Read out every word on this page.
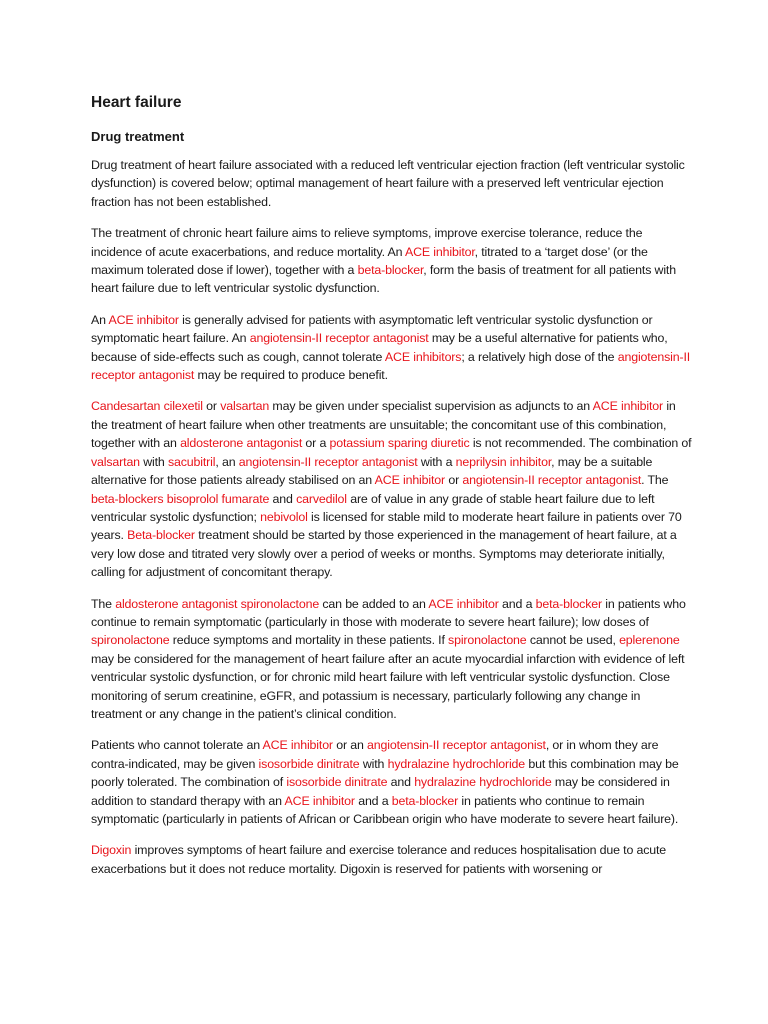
Heart failure
Drug treatment

Drug treatment of heart failure associated with a reduced left ventricular ejection fraction (left ventricular systolic dysfunction) is covered below; optimal management of heart failure with a preserved left ventricular ejection fraction has not been established.

The treatment of chronic heart failure aims to relieve symptoms, improve exercise tolerance, reduce the incidence of acute exacerbations, and reduce mortality. An ACE inhibitor, titrated to a ‘target dose’ (or the maximum tolerated dose if lower), together with a beta-blocker, form the basis of treatment for all patients with heart failure due to left ventricular systolic dysfunction.

An ACE inhibitor is generally advised for patients with asymptomatic left ventricular systolic dysfunction or symptomatic heart failure. An angiotensin-II receptor antagonist may be a useful alternative for patients who, because of side-effects such as cough, cannot tolerate ACE inhibitors; a relatively high dose of the angiotensin-II receptor antagonist may be required to produce benefit.

Candesartan cilexetil or valsartan may be given under specialist supervision as adjuncts to an ACE inhibitor in the treatment of heart failure when other treatments are unsuitable; the concomitant use of this combination, together with an aldosterone antagonist or a potassium sparing diuretic is not recommended. The combination of valsartan with sacubitril, an angiotensin-II receptor antagonist with a neprilysin inhibitor, may be a suitable alternative for those patients already stabilised on an ACE inhibitor or angiotensin-II receptor antagonist. The beta-blockers bisoprolol fumarate and carvedilol are of value in any grade of stable heart failure due to left ventricular systolic dysfunction; nebivolol is licensed for stable mild to moderate heart failure in patients over 70 years. Beta-blocker treatment should be started by those experienced in the management of heart failure, at a very low dose and titrated very slowly over a period of weeks or months. Symptoms may deteriorate initially, calling for adjustment of concomitant therapy.

The aldosterone antagonist spironolactone can be added to an ACE inhibitor and a beta-blocker in patients who continue to remain symptomatic (particularly in those with moderate to severe heart failure); low doses of spironolactone reduce symptoms and mortality in these patients. If spironolactone cannot be used, eplerenone may be considered for the management of heart failure after an acute myocardial infarction with evidence of left ventricular systolic dysfunction, or for chronic mild heart failure with left ventricular systolic dysfunction. Close monitoring of serum creatinine, eGFR, and potassium is necessary, particularly following any change in treatment or any change in the patient’s clinical condition.

Patients who cannot tolerate an ACE inhibitor or an angiotensin-II receptor antagonist, or in whom they are contra-indicated, may be given isosorbide dinitrate with hydralazine hydrochloride but this combination may be poorly tolerated. The combination of isosorbide dinitrate and hydralazine hydrochloride may be considered in addition to standard therapy with an ACE inhibitor and a beta-blocker in patients who continue to remain symptomatic (particularly in patients of African or Caribbean origin who have moderate to severe heart failure).

Digoxin improves symptoms of heart failure and exercise tolerance and reduces hospitalisation due to acute exacerbations but it does not reduce mortality. Digoxin is reserved for patients with worsening or
